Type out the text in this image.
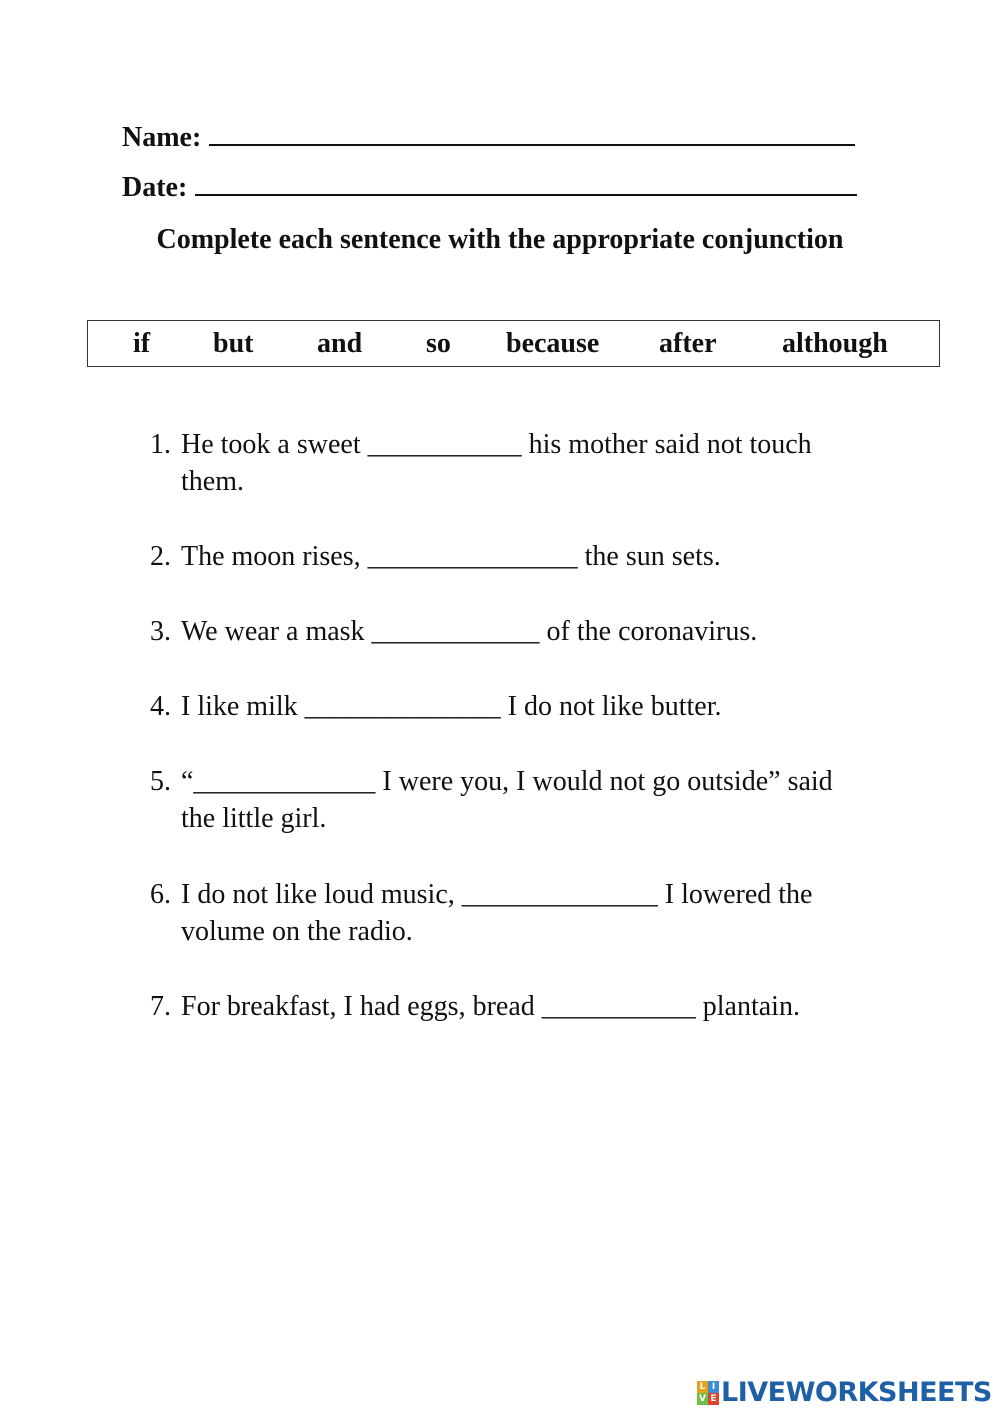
Name:
Date:
Complete each sentence with the appropriate conjunction
if but and so because after although
1. He took a sweet ___________ his mother said not touch them.
2. The moon rises, _______________ the sun sets.
3. We wear a mask ____________ of the coronavirus.
4. I like milk ______________ I do not like butter.
5. “_____________ I were you, I would not go outside” said the little girl.
6. I do not like loud music, ______________ I lowered the volume on the radio.
7. For breakfast, I had eggs, bread ___________ plantain.
L I
V E LIVEWORKSHEETS
